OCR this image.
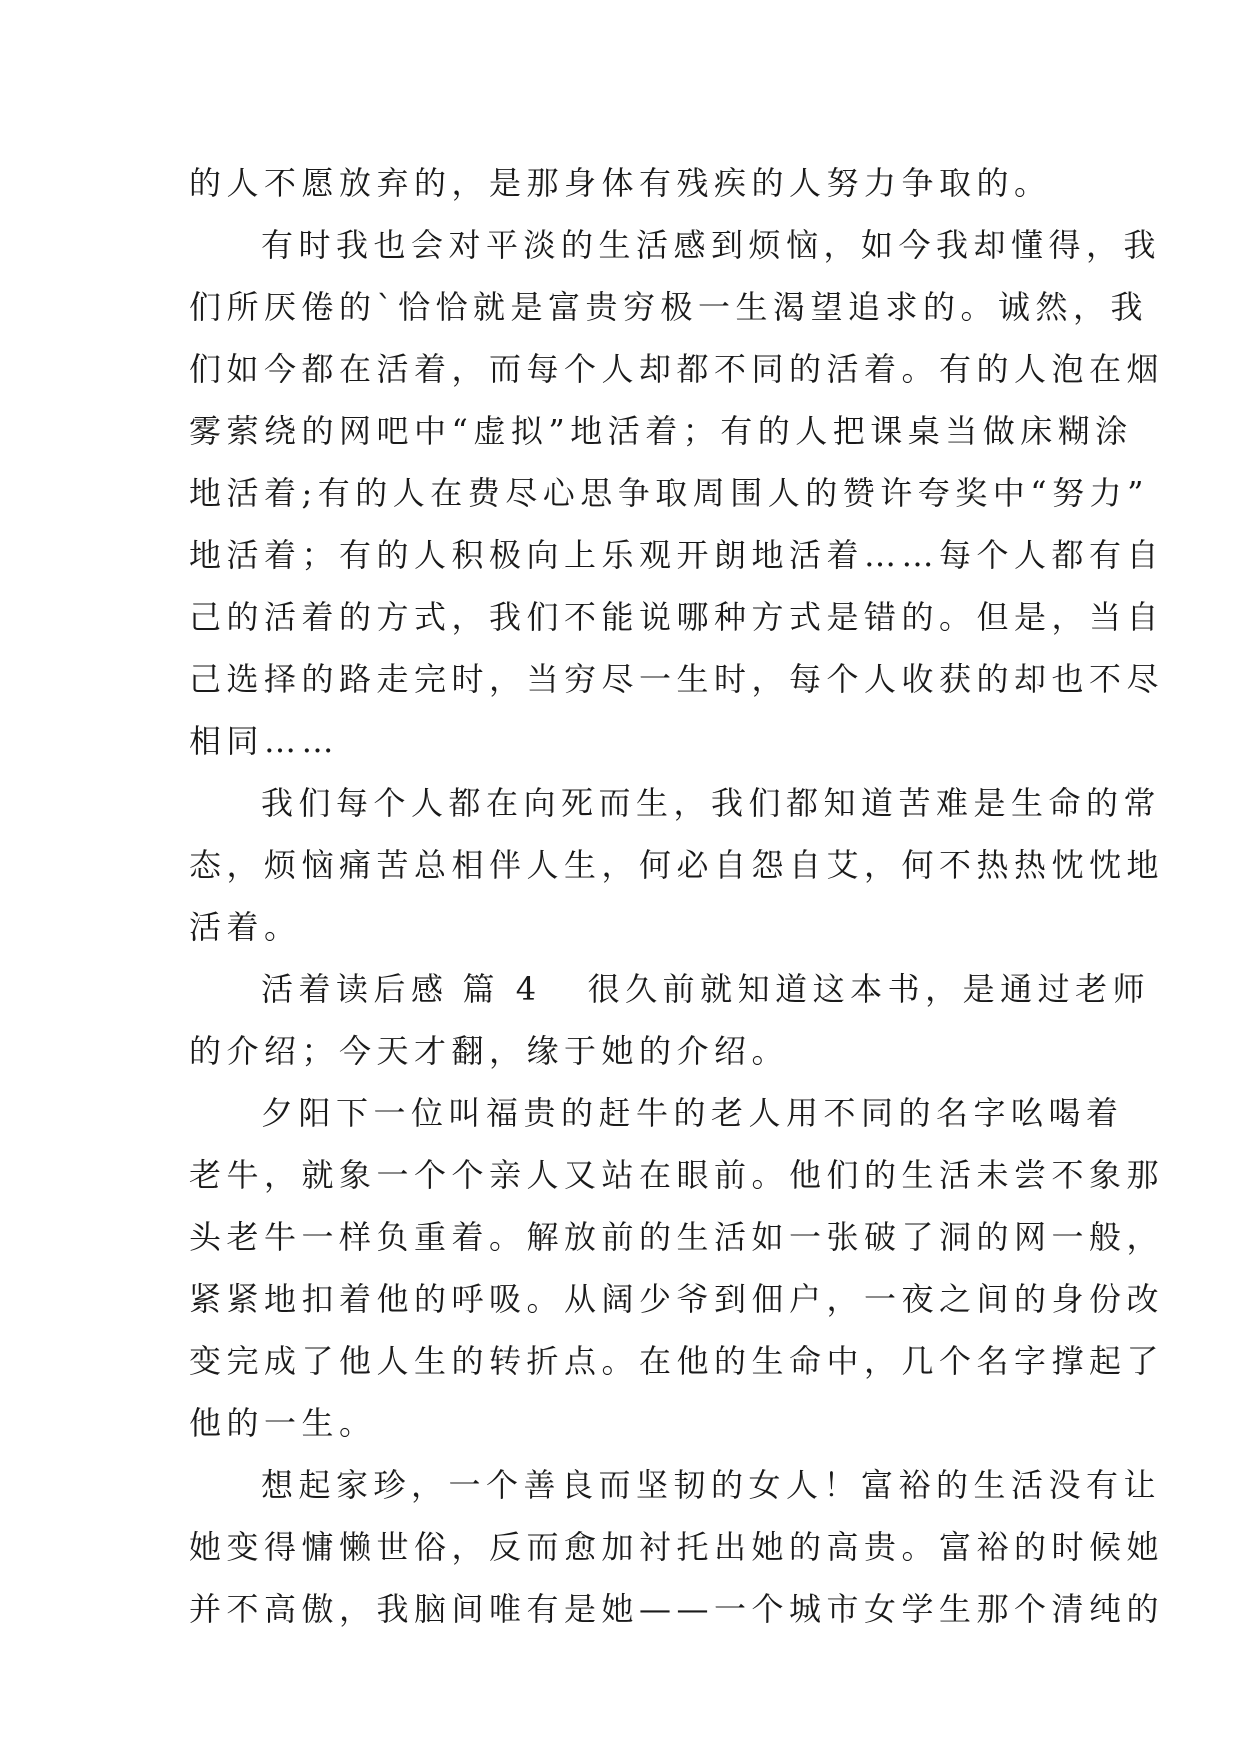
的人不愿放弃的，是那身体有残疾的人努力争取的。
有时我也会对平淡的生活感到烦恼，如今我却懂得，我
们所厌倦的`恰恰就是富贵穷极一生渴望追求的。诚然，我
们如今都在活着，而每个人却都不同的活着。有的人泡在烟
雾萦绕的网吧中“虚拟”地活着；有的人把课桌当做床糊涂
地活着;有的人在费尽心思争取周围人的赞许夸奖中“努力”
地活着；有的人积极向上乐观开朗地活着……每个人都有自
己的活着的方式，我们不能说哪种方式是错的。但是，当自
己选择的路走完时，当穷尽一生时，每个人收获的却也不尽
相同……
我们每个人都在向死而生，我们都知道苦难是生命的常
态，烦恼痛苦总相伴人生，何必自怨自艾，何不热热忱忱地
活着。
活着读后感 篇 4 很久前就知道这本书，是通过老师
的介绍；今天才翻，缘于她的介绍。
夕阳下一位叫福贵的赶牛的老人用不同的名字吆喝着
老牛，就象一个个亲人又站在眼前。他们的生活未尝不象那
头老牛一样负重着。解放前的生活如一张破了洞的网一般，
紧紧地扣着他的呼吸。从阔少爷到佃户，一夜之间的身份改
变完成了他人生的转折点。在他的生命中，几个名字撑起了
他的一生。
想起家珍，一个善良而坚韧的女人！富裕的生活没有让
她变得慵懒世俗，反而愈加衬托出她的高贵。富裕的时候她
并不高傲，我脑间唯有是她——一个城市女学生那个清纯的
